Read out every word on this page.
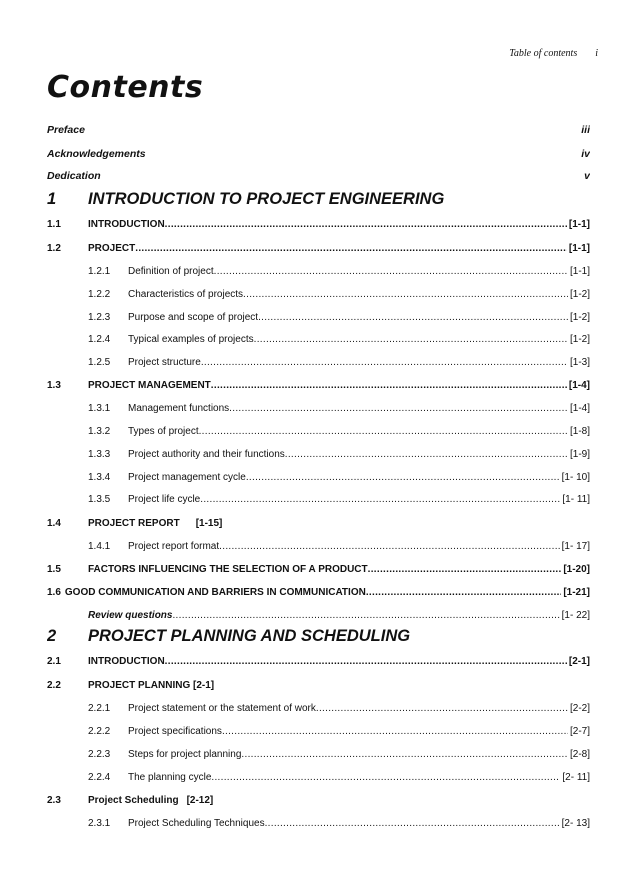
Table of contents i
Contents
Preface	iii
Acknowledgements	iv
Dedication	v
1	INTRODUCTION TO PROJECT ENGINEERING
1.1	INTRODUCTION .....	[1-1]
1.2	PROJECT .....	[1-1]
1.2.1	Definition of project .....	[1-1]
1.2.2	Characteristics of projects .....	[1-2]
1.2.3	Purpose and scope of project .....	[1-2]
1.2.4	Typical examples of projects .....	[1-2]
1.2.5	Project structure .....	[1-3]
1.3	PROJECT MANAGEMENT .....	[1-4]
1.3.1	Management functions .....	[1-4]
1.3.2	Types of project .....	[1-8]
1.3.3	Project authority and their functions .....	[1-9]
1.3.4	Project management cycle .....	[1- 10]
1.3.5	Project life cycle .....	[1- 11]
1.4	PROJECT REPORT [1-15]
1.4.1	Project report format .....	[1- 17]
1.5	FACTORS INFLUENCING THE SELECTION OF A PRODUCT .....	[1-20]
1.6 GOOD COMMUNICATION AND BARRIERS IN COMMUNICATION .....	[1-21]
Review questions .....	[1- 22]
2	PROJECT PLANNING AND SCHEDULING
2.1	INTRODUCTION .....	[2-1]
2.2	PROJECT PLANNING [2-1]
2.2.1	Project statement or the statement of work .....	[2-2]
2.2.2	Project specifications .....	[2-7]
2.2.3	Steps for project planning .....	[2-8]
2.2.4	The planning cycle .....	[2- 11]
2.3	Project Scheduling [2-12]
2.3.1	Project Scheduling Techniques .....	[2- 13]
